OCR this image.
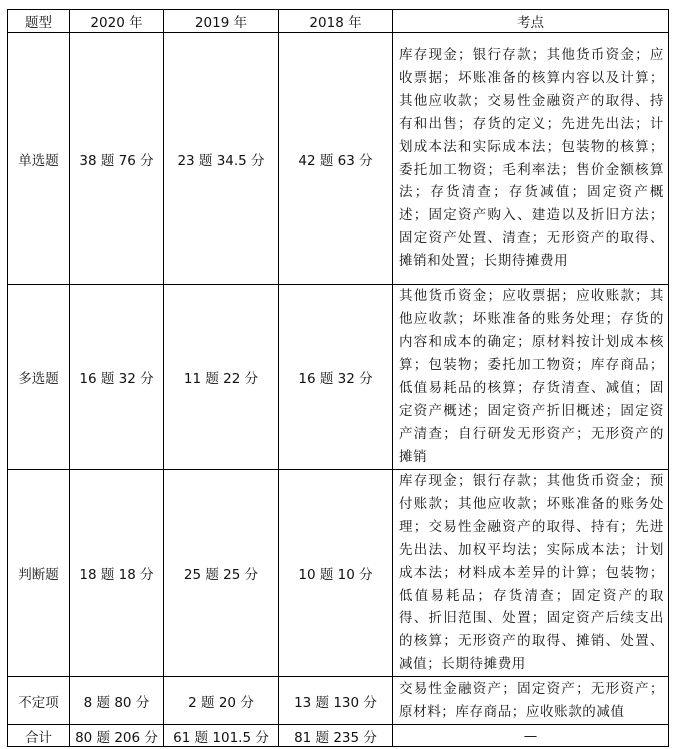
题型	2020 年	2019 年	2018 年	考点
单选题	38 题 76 分	23 题 34.5 分	42 题 63 分	库存现金；银行存款；其他货币资金；应收票据；坏账准备的核算内容以及计算；其他应收款；交易性金融资产的取得、持有和出售；存货的定义；先进先出法；计划成本法和实际成本法；包装物的核算；委托加工物资；毛利率法；售价金额核算法；存货清查；存货减值；固定资产概述；固定资产购入、建造以及折旧方法；固定资产处置、清查；无形资产的取得、摊销和处置；长期待摊费用
多选题	16 题 32 分	11 题 22 分	16 题 32 分	其他货币资金；应收票据；应收账款；其他应收款；坏账准备的账务处理；存货的内容和成本的确定；原材料按计划成本核算；包装物；委托加工物资；库存商品；低值易耗品的核算；存货清查、减值；固定资产概述；固定资产折旧概述；固定资产清查；自行研发无形资产；无形资产的摊销
判断题	18 题 18 分	25 题 25 分	10 题 10 分	库存现金；银行存款；其他货币资金；预付账款；其他应收款；坏账准备的账务处理；交易性金融资产的取得、持有；先进先出法、加权平均法；实际成本法；计划成本法；材料成本差异的计算；包装物；低值易耗品；存货清查；固定资产的取得、折旧范围、处置；固定资产后续支出的核算；无形资产的取得、摊销、处置、减值；长期待摊费用
不定项	8 题 80 分	2 题 20 分	13 题 130 分	交易性金融资产；固定资产；无形资产；原材料；库存商品；应收账款的减值
合计	80 题 206 分	61 题 101.5 分	81 题 235 分	—
